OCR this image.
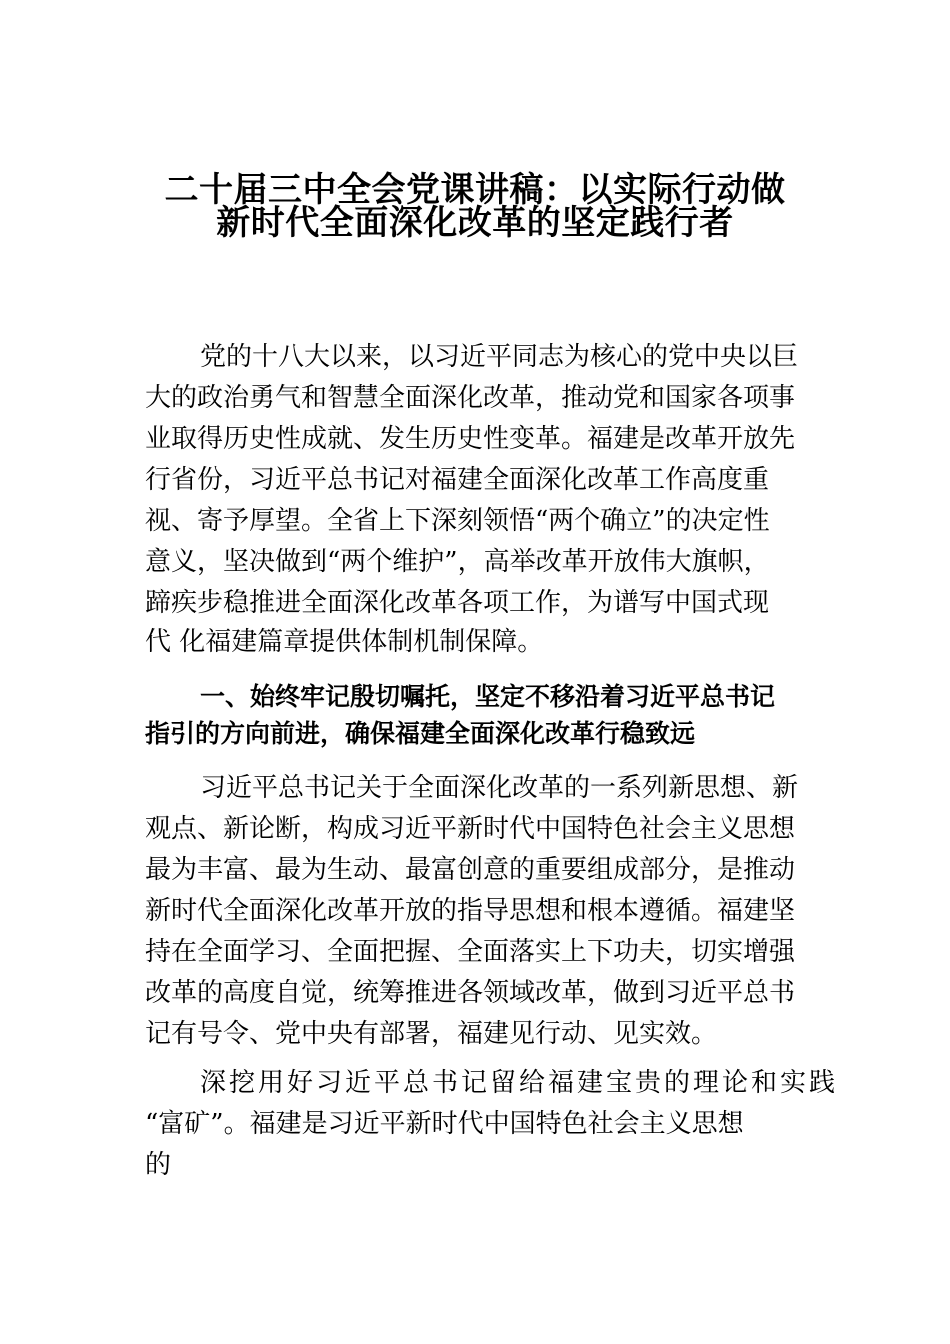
二十届三中全会党课讲稿：以实际行动做
新时代全面深化改革的坚定践行者
党的十八大以来，以习近平同志为核心的党中央以巨
大的政治勇气和智慧全面深化改革，推动党和国家各项事
业取得历史性成就、发生历史性变革。福建是改革开放先
行省份，习近平总书记对福建全面深化改革工作高度重
视、寄予厚望。全省上下深刻领悟“两个确立”的决定性
意义，坚决做到“两个维护”，高举改革开放伟大旗帜，
蹄疾步稳推进全面深化改革各项工作，为谱写中国式现
代 化福建篇章提供体制机制保障。
一、始终牢记殷切嘱托，坚定不移沿着习近平总书记
指引的方向前进，确保福建全面深化改革行稳致远
习近平总书记关于全面深化改革的一系列新思想、新
观点、新论断，构成习近平新时代中国特色社会主义思想
最为丰富、最为生动、最富创意的重要组成部分，是推动
新时代全面深化改革开放的指导思想和根本遵循。福建坚
持在全面学习、全面把握、全面落实上下功夫，切实增强
改革的高度自觉，统筹推进各领域改革，做到习近平总书
记有号令、党中央有部署，福建见行动、见实效。
深挖用好习近平总书记留给福建宝贵的理论和实践
“富矿”。福建是习近平新时代中国特色社会主义思想
的
